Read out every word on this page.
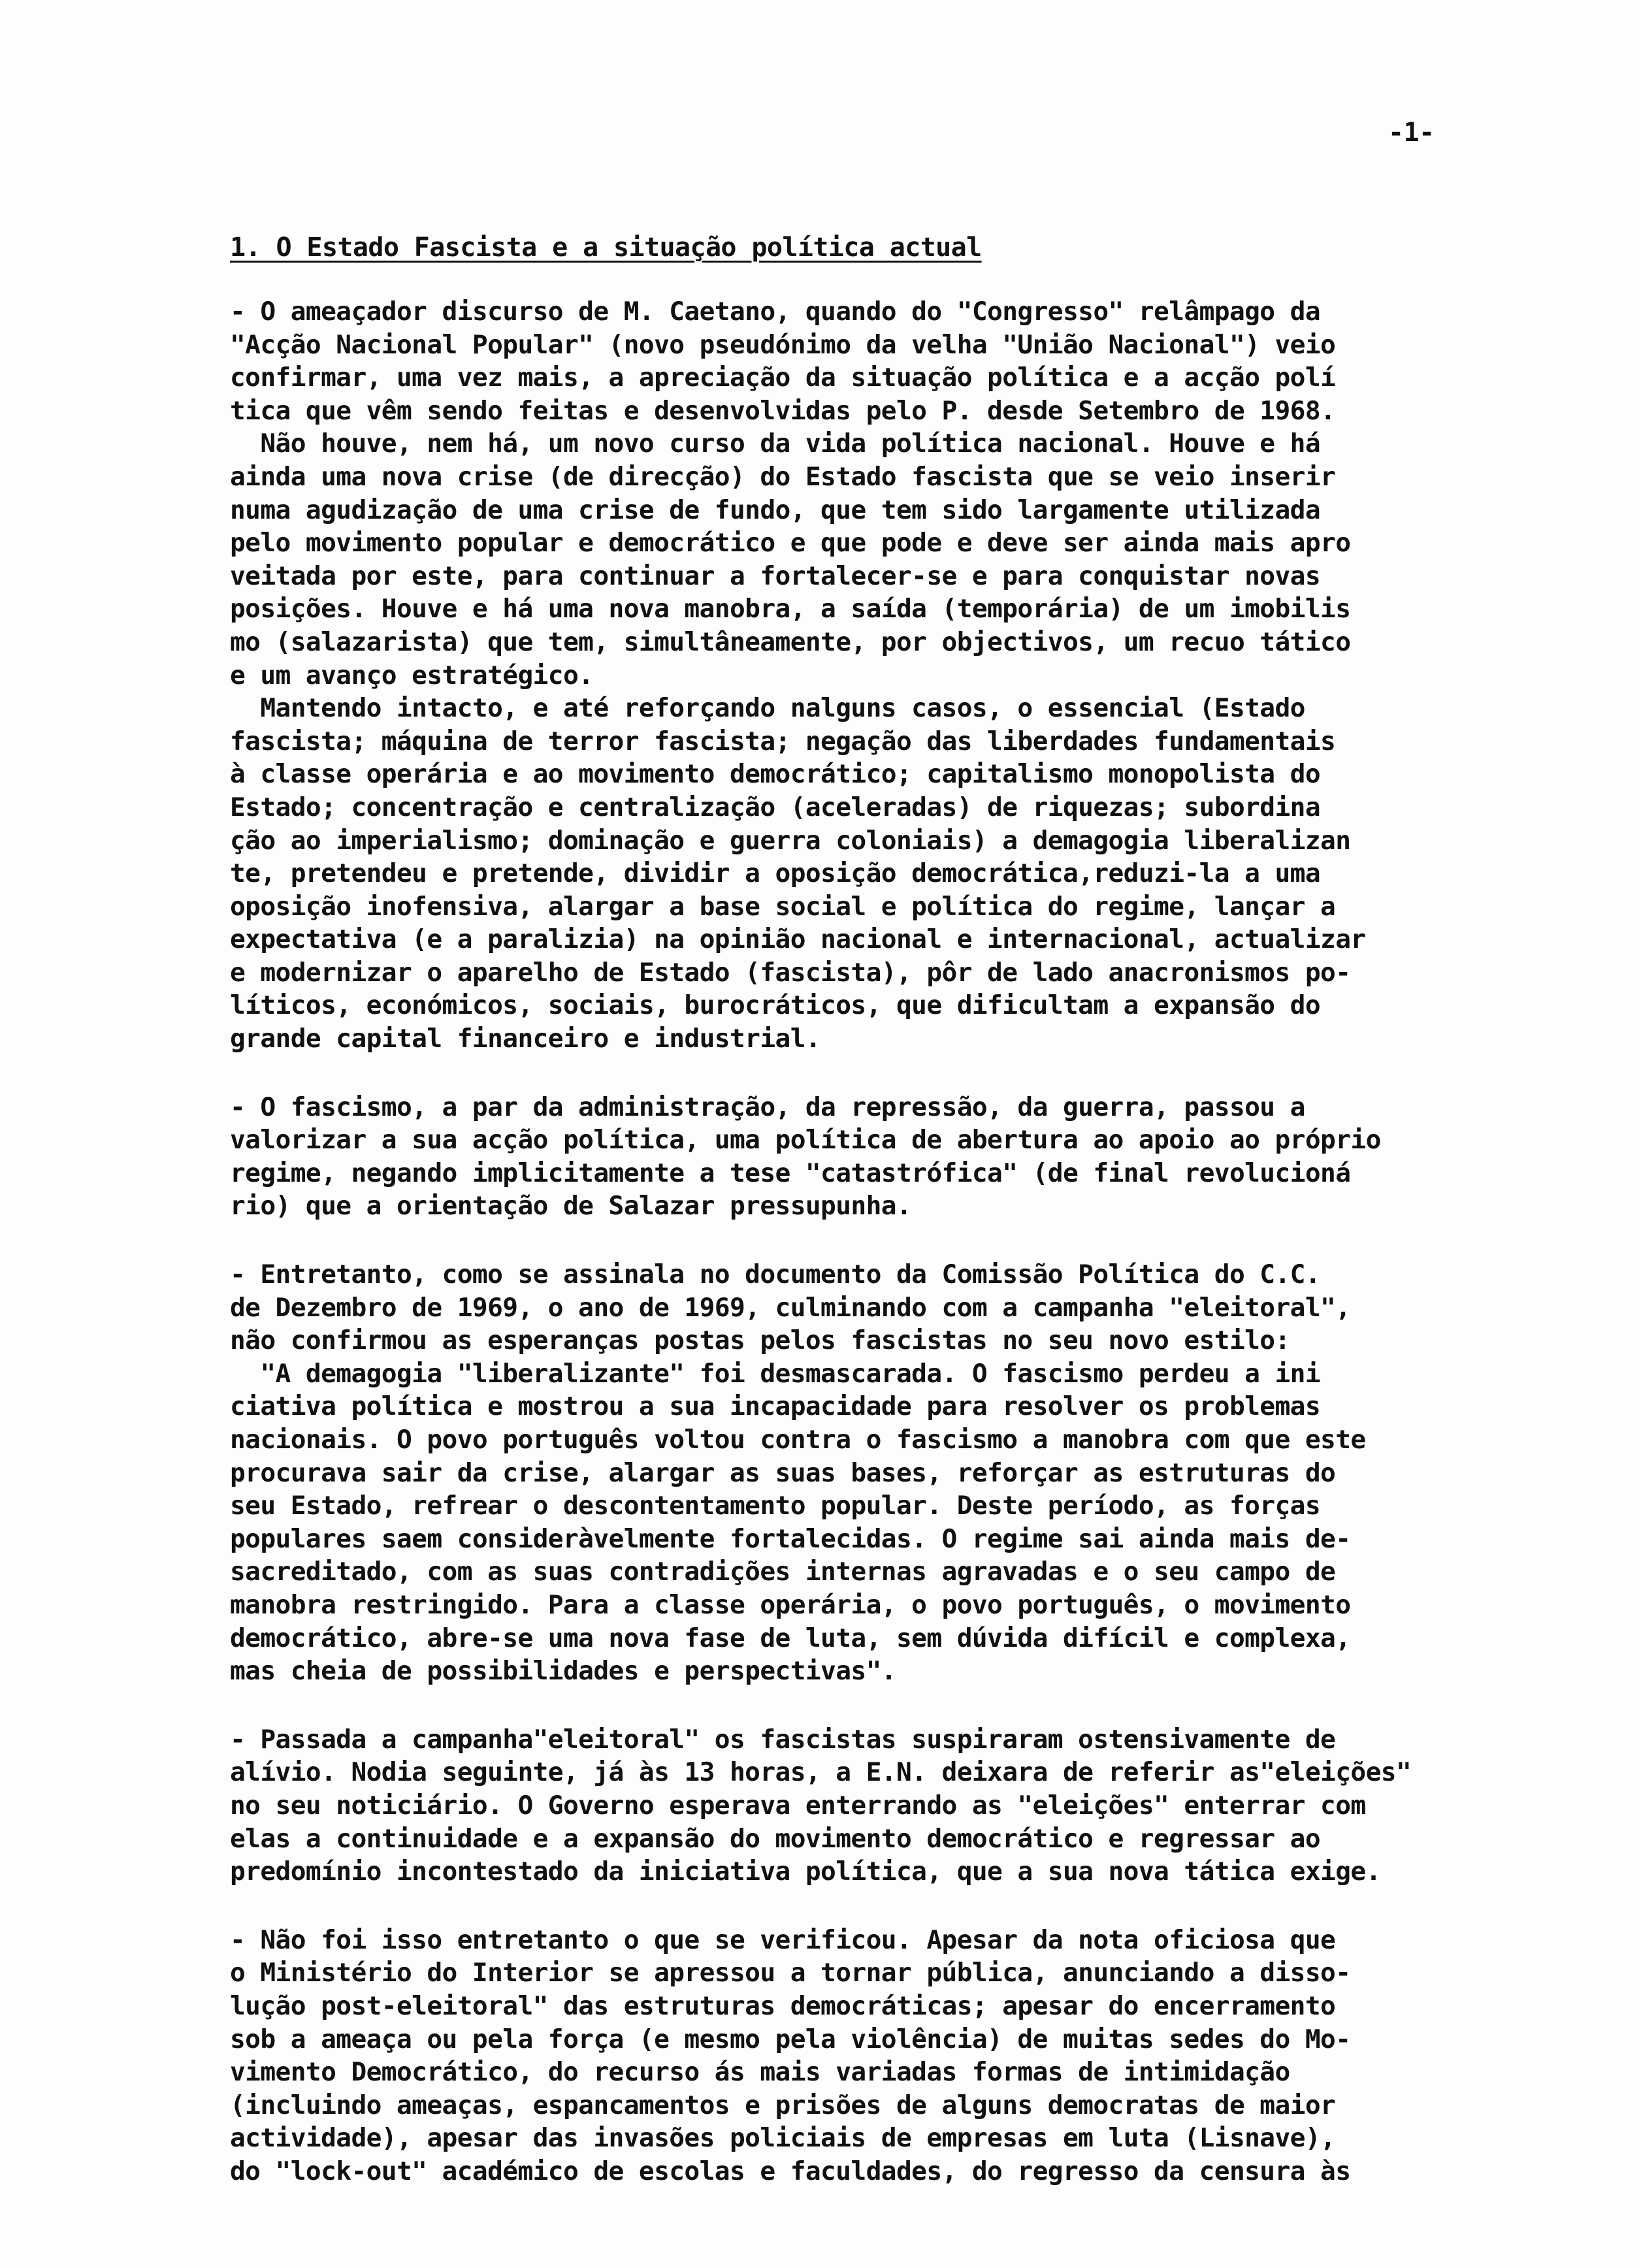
-1-
1. O Estado Fascista e a situação política actual
- O ameaçador discurso de M. Caetano, quando do "Congresso" relâmpago da
"Acção Nacional Popular" (novo pseudónimo da velha "União Nacional") veio
confirmar, uma vez mais, a apreciação da situação política e a acção polí
tica que vêm sendo feitas e desenvolvidas pelo P. desde Setembro de 1968.
Não houve, nem há, um novo curso da vida política nacional. Houve e há
ainda uma nova crise (de direcção) do Estado fascista que se veio inserir
numa agudização de uma crise de fundo, que tem sido largamente utilizada
pelo movimento popular e democrático e que pode e deve ser ainda mais apro
veitada por este, para continuar a fortalecer-se e para conquistar novas
posições. Houve e há uma nova manobra, a saída (temporária) de um imobilis
mo (salazarista) que tem, simultâneamente, por objectivos, um recuo tático
e um avanço estratégico.
Mantendo intacto, e até reforçando nalguns casos, o essencial (Estado
fascista; máquina de terror fascista; negação das liberdades fundamentais
à classe operária e ao movimento democrático; capitalismo monopolista do
Estado; concentração e centralização (aceleradas) de riquezas; subordina
ção ao imperialismo; dominação e guerra coloniais) a demagogia liberalizan
te, pretendeu e pretende, dividir a oposição democrática,reduzi-la a uma
oposição inofensiva, alargar a base social e política do regime, lançar a
expectativa (e a paralizia) na opinião nacional e internacional, actualizar
e modernizar o aparelho de Estado (fascista), pôr de lado anacronismos po-
líticos, económicos, sociais, burocráticos, que dificultam a expansão do
grande capital financeiro e industrial.
- O fascismo, a par da administração, da repressão, da guerra, passou a
valorizar a sua acção política, uma política de abertura ao apoio ao próprio
regime, negando implicitamente a tese "catastrófica" (de final revolucioná
rio) que a orientação de Salazar pressupunha.
- Entretanto, como se assinala no documento da Comissão Política do C.C.
de Dezembro de 1969, o ano de 1969, culminando com a campanha "eleitoral",
não confirmou as esperanças postas pelos fascistas no seu novo estilo:
"A demagogia "liberalizante" foi desmascarada. O fascismo perdeu a ini
ciativa política e mostrou a sua incapacidade para resolver os problemas
nacionais. O povo português voltou contra o fascismo a manobra com que este
procurava sair da crise, alargar as suas bases, reforçar as estruturas do
seu Estado, refrear o descontentamento popular. Deste período, as forças
populares saem consideràvelmente fortalecidas. O regime sai ainda mais de-
sacreditado, com as suas contradições internas agravadas e o seu campo de
manobra restringido. Para a classe operária, o povo português, o movimento
democrático, abre-se uma nova fase de luta, sem dúvida difícil e complexa,
mas cheia de possibilidades e perspectivas".
- Passada a campanha"eleitoral" os fascistas suspiraram ostensivamente de
alívio. Nodia seguinte, já às 13 horas, a E.N. deixara de referir as"eleições"
no seu noticiário. O Governo esperava enterrando as "eleições" enterrar com
elas a continuidade e a expansão do movimento democrático e regressar ao
predomínio incontestado da iniciativa política, que a sua nova tática exige.
- Não foi isso entretanto o que se verificou. Apesar da nota oficiosa que
o Ministério do Interior se apressou a tornar pública, anunciando a disso-
lução post-eleitoral" das estruturas democráticas; apesar do encerramento
sob a ameaça ou pela força (e mesmo pela violência) de muitas sedes do Mo-
vimento Democrático, do recurso ás mais variadas formas de intimidação
(incluindo ameaças, espancamentos e prisões de alguns democratas de maior
actividade), apesar das invasões policiais de empresas em luta (Lisnave),
do "lock-out" académico de escolas e faculdades, do regresso da censura às
